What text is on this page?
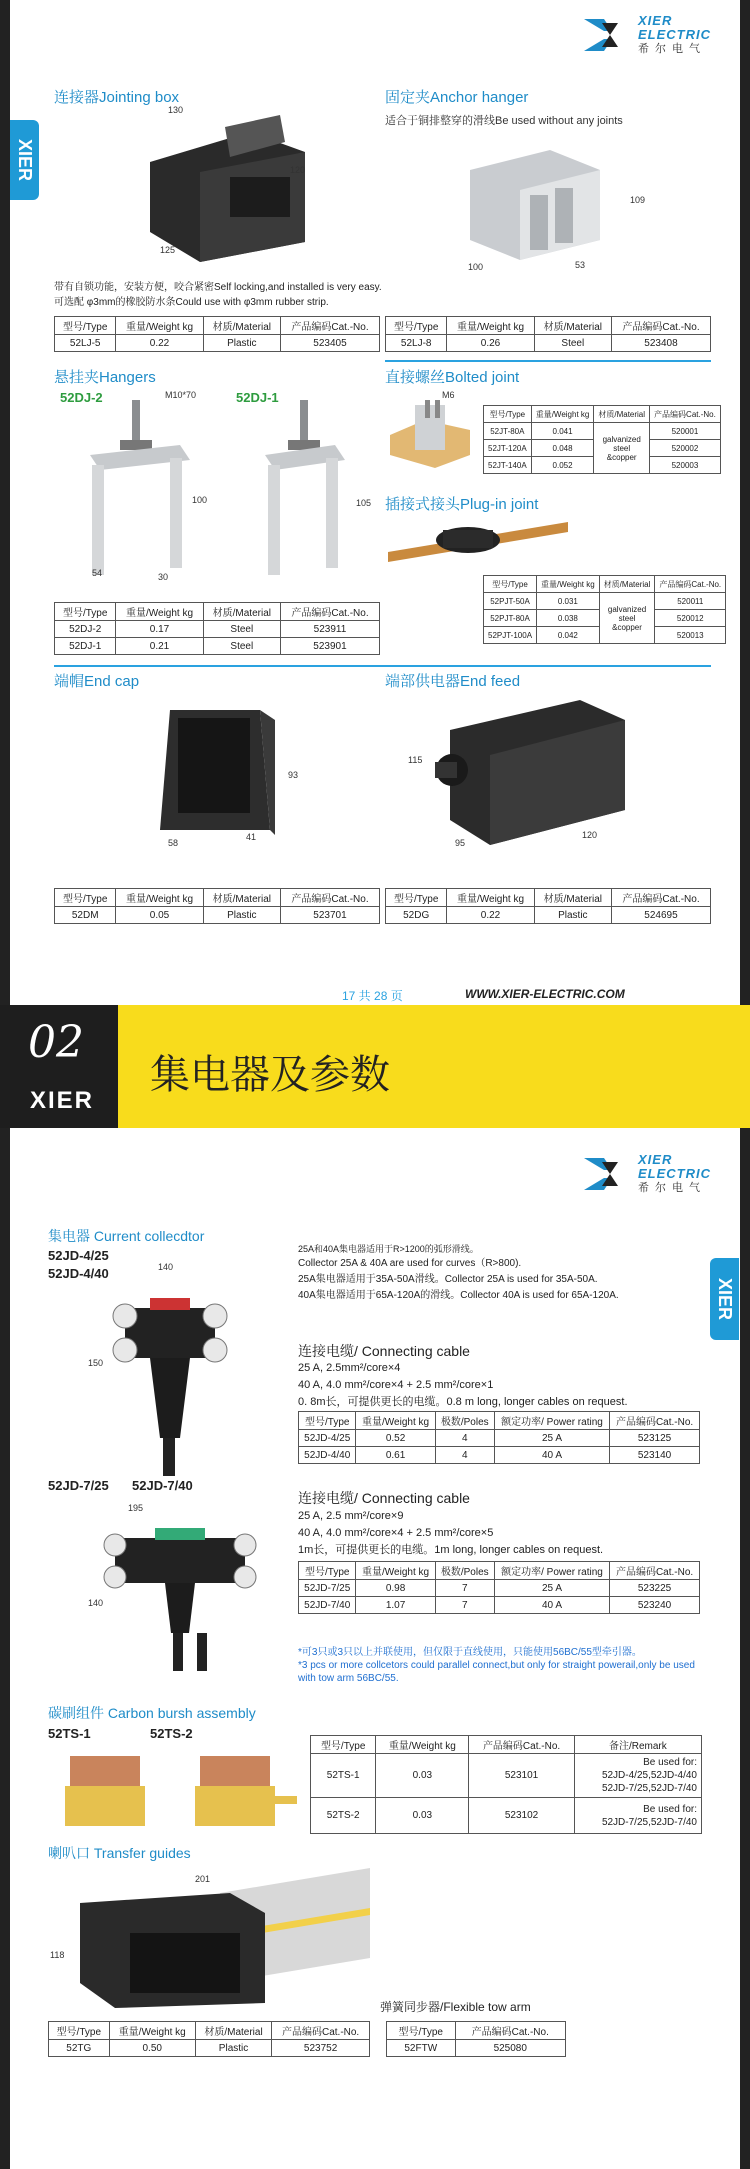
XIER
ELECTRIC
希尔电气
XIER
连接器Jointing box
130
120
125
带有自锁功能，安装方便，咬合紧密Self locking,and installed is very easy.
可选配 φ3mm的橡胶防水条Could use with φ3mm rubber strip.
型号/Type	重量/Weight kg	材质/Material	产品编码Cat.-No.
52LJ-5	0.22	Plastic	523405
固定夹Anchor hanger
适合于铜排整穿的滑线Be used without any joints
109
100	53
型号/Type	重量/Weight kg	材质/Material	产品编码Cat.-No.
52LJ-8	0.26	Steel	523408
悬挂夹Hangers
52DJ-2	52DJ-1
M10*70
100
54	30
105
型号/Type	重量/Weight kg	材质/Material	产品编码Cat.-No.
52DJ-2	0.17	Steel	523911
52DJ-1	0.21	Steel	523901
直接螺丝Bolted joint
M6
型号/Type	重量/Weight kg	材质/Material	产品编码Cat.-No.
52JT-80A	0.041	galvanized steel &copper	520001
52JT-120A	0.048		520002
52JT-140A	0.052		520003
插接式接头Plug-in joint
型号/Type	重量/Weight kg	材质/Material	产品编码Cat.-No.
52PJT-50A	0.031	galvanized steel &copper	520011
52PJT-80A	0.038		520012
52PJT-100A	0.042		520013
端帽End cap
93
58
41
型号/Type	重量/Weight kg	材质/Material	产品编码Cat.-No.
52DM	0.05	Plastic	523701
端部供电器End feed
115
95
120
型号/Type	重量/Weight kg	材质/Material	产品编码Cat.-No.
52DG	0.22	Plastic	524695
17 共 28 页	WWW.XIER-ELECTRIC.COM
02
XIER
集电器及参数
XIER
ELECTRIC
希尔电气
XIER
集电器 Current collecdtor
52JD-4/25
52JD-4/40	140
150
25A和40A集电器适用于R>1200的弧形滑线。
Collector 25A & 40A are used for curves（R>800).
25A集电器适用于35A-50A滑线。Collector 25A is used for 35A-50A.
40A集电器适用于65A-120A的滑线。Collector 40A is used for 65A-120A.
连接电缆/ Connecting cable
25 A, 2.5mm²/core×4
40 A, 4.0 mm²/core×4 + 2.5 mm²/core×1
0. 8m长，可提供更长的电缆。0.8 m long, longer cables on request.
型号/Type	重量/Weight kg	极数/Poles	额定功率/ Power rating	产品编码Cat.-No.
52JD-4/25	0.52	4	25 A	523125
52JD-4/40	0.61	4	40 A	523140
52JD-7/25 52JD-7/40
195
140
连接电缆/ Connecting cable
25 A, 2.5 mm²/core×9
40 A, 4.0 mm²/core×4 + 2.5 mm²/core×5
1m长，可提供更长的电缆。1m long, longer cables on request.
型号/Type	重量/Weight kg	极数/Poles	额定功率/ Power rating	产品编码Cat.-No.
52JD-7/25	0.98	7	25 A	523225
52JD-7/40	1.07	7	40 A	523240
*可3只或3只以上并联使用，但仅限于直线使用，只能使用56BC/55型牵引器。
*3 pcs or more collcetors could parallel connect,but only for straight powerail,only be used with tow arm 56BC/55.
碳刷组件 Carbon bursh assembly
52TS-1	52TS-2
型号/Type	重量/Weight kg	产品编码Cat.-No.	备注/Remark
52TS-1	0.03	523101	Be used for:
52JD-4/25,52JD-4/40
52JD-7/25,52JD-7/40

52TS-2	0.03	523102	Be used for:
52JD-7/25,52JD-7/40
喇叭口 Transfer guides
201
118
弹簧同步器/Flexible tow arm
型号/Type	重量/Weight kg	材质/Material	产品编码Cat.-No.
52TG	0.50	Plastic	523752
型号/Type	产品编码Cat.-No.
52FTW	525080
